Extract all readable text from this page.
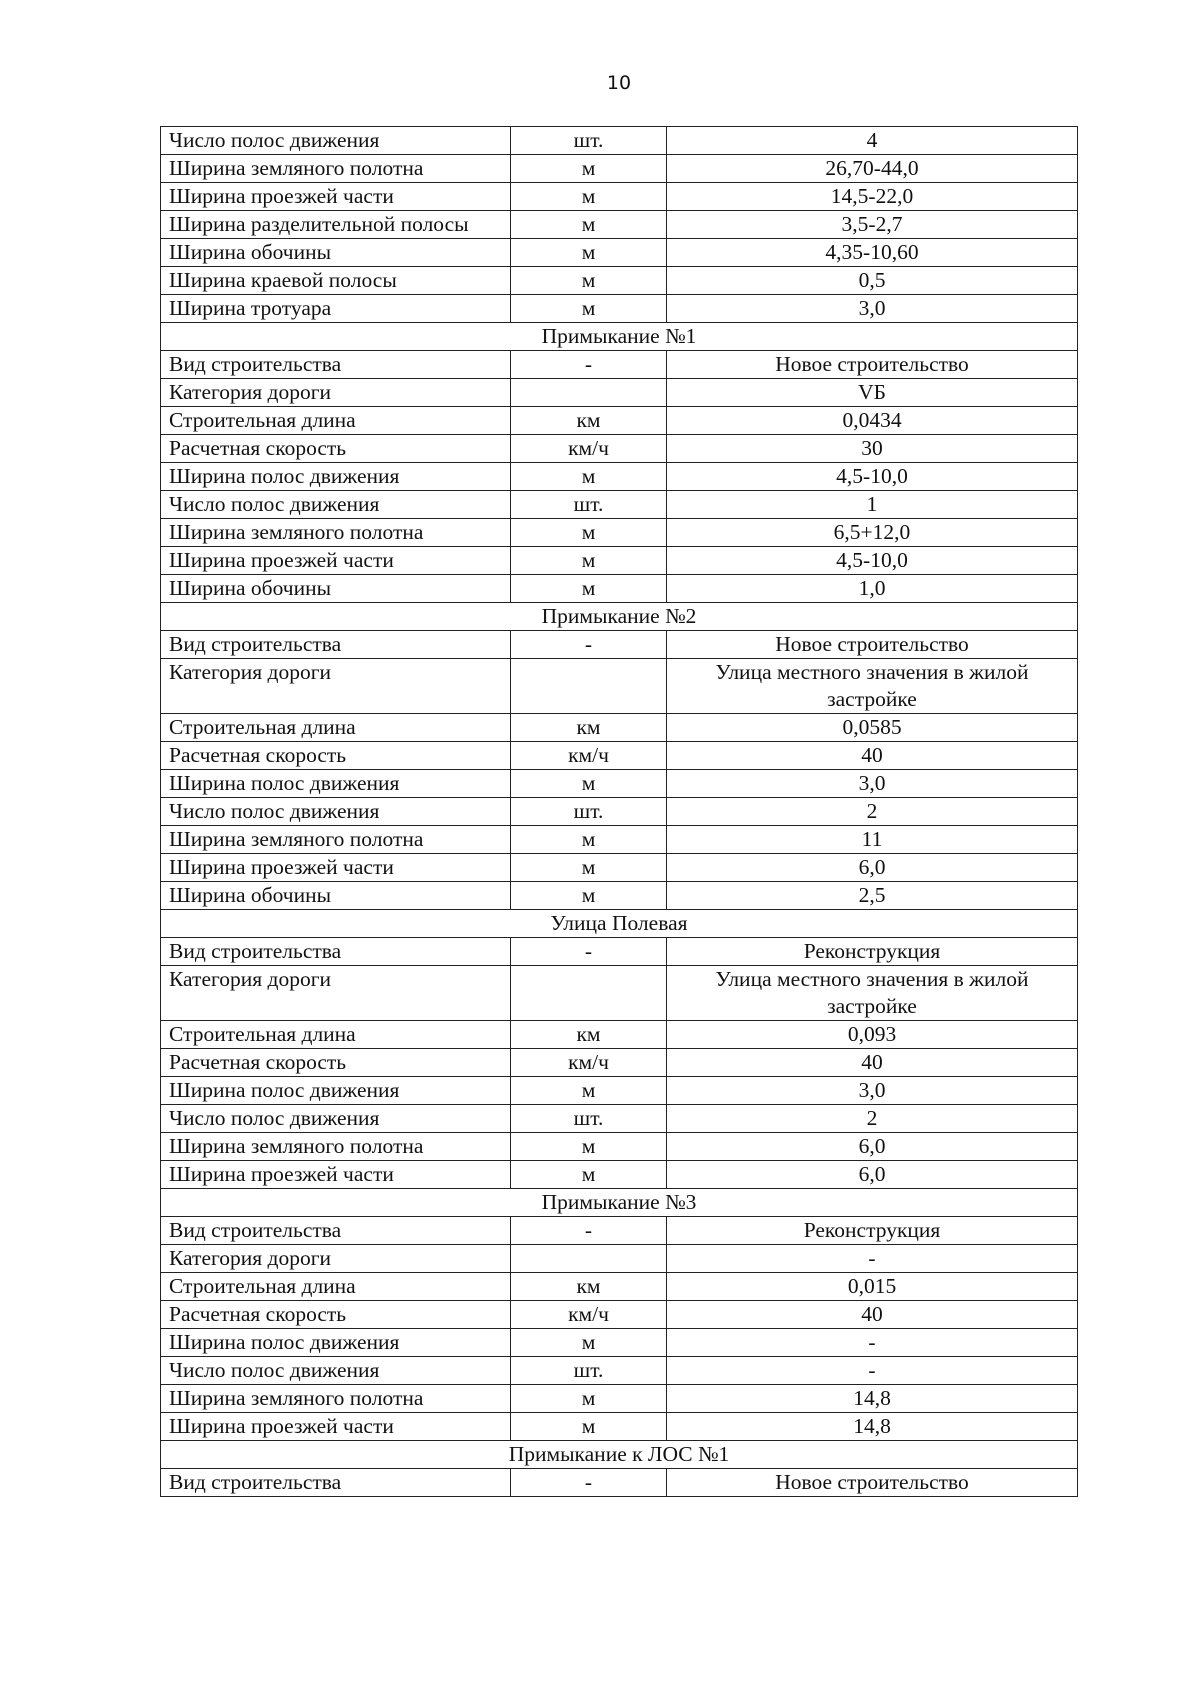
10
Число полос движения	шт.	4
Ширина земляного полотна	м	26,70-44,0
Ширина проезжей части	м	14,5-22,0
Ширина разделительной полосы	м	3,5-2,7
Ширина обочины	м	4,35-10,60
Ширина краевой полосы	м	0,5
Ширина тротуара	м	3,0
Примыкание №1		
Вид строительства	-	Новое строительство
Категория дороги		VБ
Строительная длина	км	0,0434
Расчетная скорость	км/ч	30
Ширина полос движения	м	4,5-10,0
Число полос движения	шт.	1
Ширина земляного полотна	м	6,5+12,0
Ширина проезжей части	м	4,5-10,0
Ширина обочины	м	1,0
Примыкание №2		
Вид строительства	-	Новое строительство
Категория дороги		Улица местного значения в жилой застройке
Строительная длина	км	0,0585
Расчетная скорость	км/ч	40
Ширина полос движения	м	3,0
Число полос движения	шт.	2
Ширина земляного полотна	м	11
Ширина проезжей части	м	6,0
Ширина обочины	м	2,5
Улица Полевая		
Вид строительства	-	Реконструкция
Категория дороги		Улица местного значения в жилой застройке
Строительная длина	км	0,093
Расчетная скорость	км/ч	40
Ширина полос движения	м	3,0
Число полос движения	шт.	2
Ширина земляного полотна	м	6,0
Ширина проезжей части	м	6,0
Примыкание №3		
Вид строительства	-	Реконструкция
Категория дороги		-
Строительная длина	км	0,015
Расчетная скорость	км/ч	40
Ширина полос движения	м	-
Число полос движения	шт.	-
Ширина земляного полотна	м	14,8
Ширина проезжей части	м	14,8
Примыкание к ЛОС №1		
Вид строительства	-	Новое строительство
